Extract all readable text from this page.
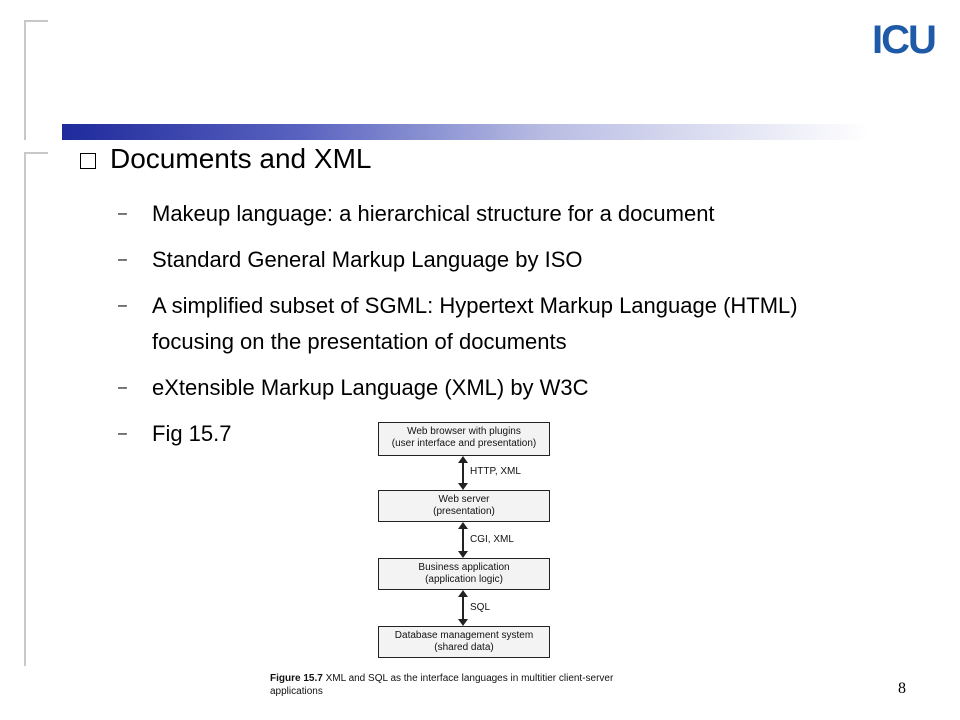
ICU
Documents and XML
–	Makeup language: a hierarchical structure for a document
–	Standard General Markup Language by ISO
–	A simplified subset of SGML: Hypertext Markup Language (HTML) focusing on the presentation of documents
–	eXtensible Markup Language (XML) by W3C
–	Fig 15.7	Web browser with plugins
(user interface and presentation)
HTTP, XML
Web server
(presentation)
CGI, XML
Business application
(application logic)
SQL
Database management system
(shared data)
Figure 15.7 XML and SQL as the interface languages in multitier client-server applications	8
